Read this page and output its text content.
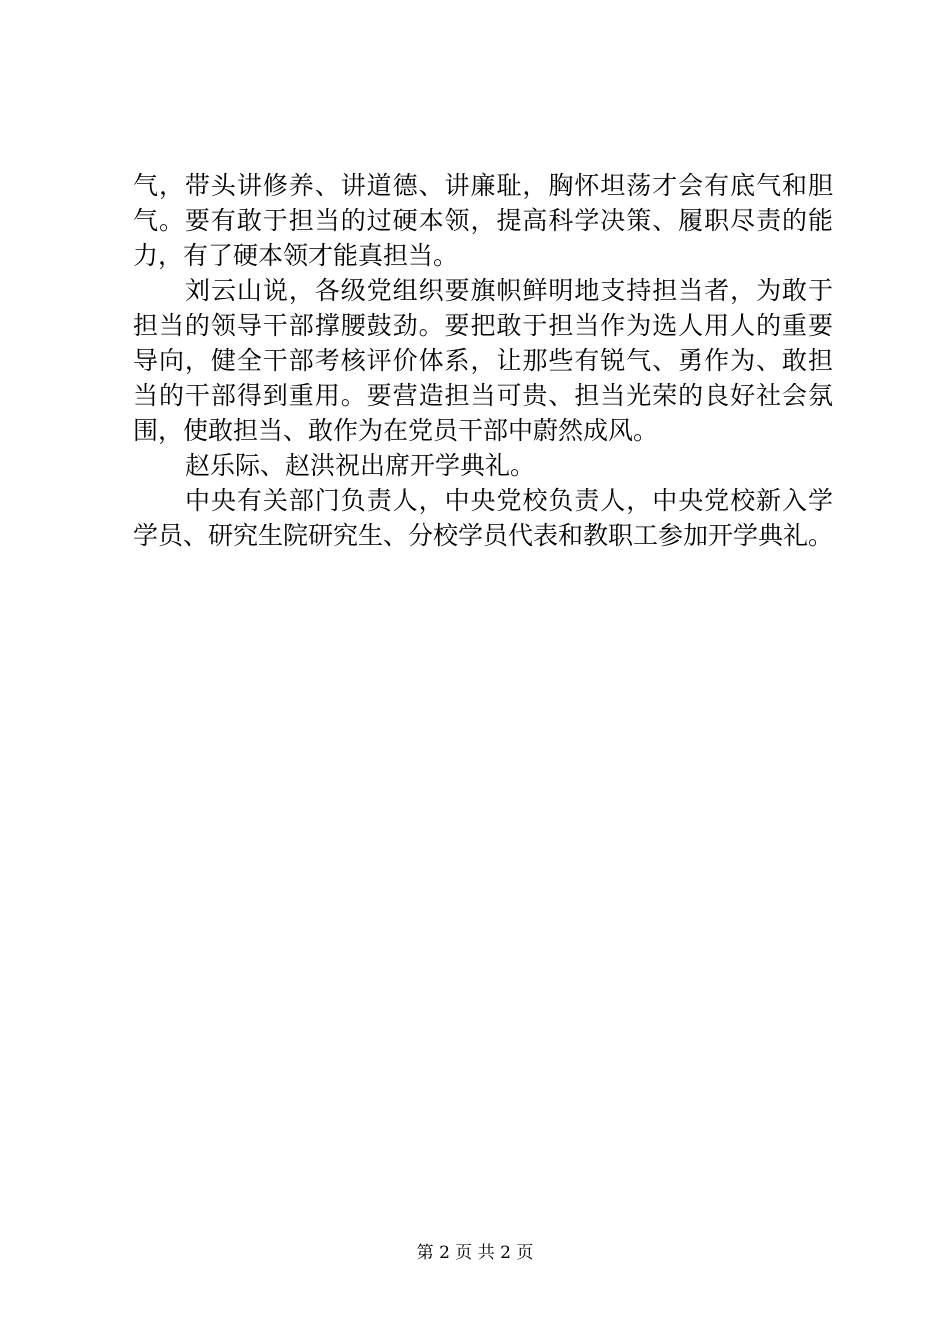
气，带头讲修养、讲道德、讲廉耻，胸怀坦荡才会有底气和胆
气。要有敢于担当的过硬本领，提高科学决策、履职尽责的能
力，有了硬本领才能真担当。
刘云山说，各级党组织要旗帜鲜明地支持担当者，为敢于
担当的领导干部撑腰鼓劲。要把敢于担当作为选人用人的重要
导向，健全干部考核评价体系，让那些有锐气、勇作为、敢担
当的干部得到重用。要营造担当可贵、担当光荣的良好社会氛
围，使敢担当、敢作为在党员干部中蔚然成风。
赵乐际、赵洪祝出席开学典礼。
中央有关部门负责人，中央党校负责人，中央党校新入学
学员、研究生院研究生、分校学员代表和教职工参加开学典礼。
第 2 页 共 2 页
